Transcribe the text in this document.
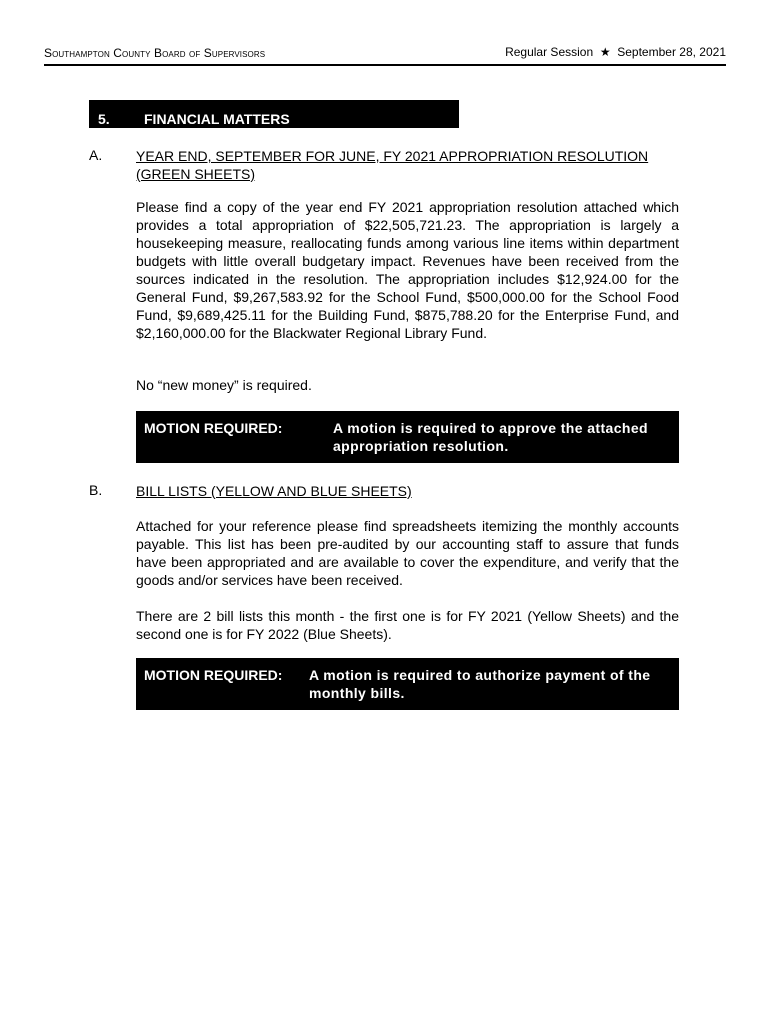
Southampton County Board of Supervisors	Regular Session ★ September 28, 2021
5. FINANCIAL MATTERS
A. YEAR END, SEPTEMBER FOR JUNE, FY 2021 APPROPRIATION RESOLUTION (GREEN SHEETS)
Please find a copy of the year end FY 2021 appropriation resolution attached which provides a total appropriation of $22,505,721.23. The appropriation is largely a housekeeping measure, reallocating funds among various line items within department budgets with little overall budgetary impact. Revenues have been received from the sources indicated in the resolution. The appropriation includes $12,924.00 for the General Fund, $9,267,583.92 for the School Fund, $500,000.00 for the School Food Fund, $9,689,425.11 for the Building Fund, $875,788.20 for the Enterprise Fund, and $2,160,000.00 for the Blackwater Regional Library Fund.
No “new money” is required.
MOTION REQUIRED:	A motion is required to approve the attached appropriation resolution.
B. BILL LISTS (YELLOW AND BLUE SHEETS)
Attached for your reference please find spreadsheets itemizing the monthly accounts payable. This list has been pre-audited by our accounting staff to assure that funds have been appropriated and are available to cover the expenditure, and verify that the goods and/or services have been received.
There are 2 bill lists this month - the first one is for FY 2021 (Yellow Sheets) and the second one is for FY 2022 (Blue Sheets).
MOTION REQUIRED: A motion is required to authorize payment of the monthly bills.
